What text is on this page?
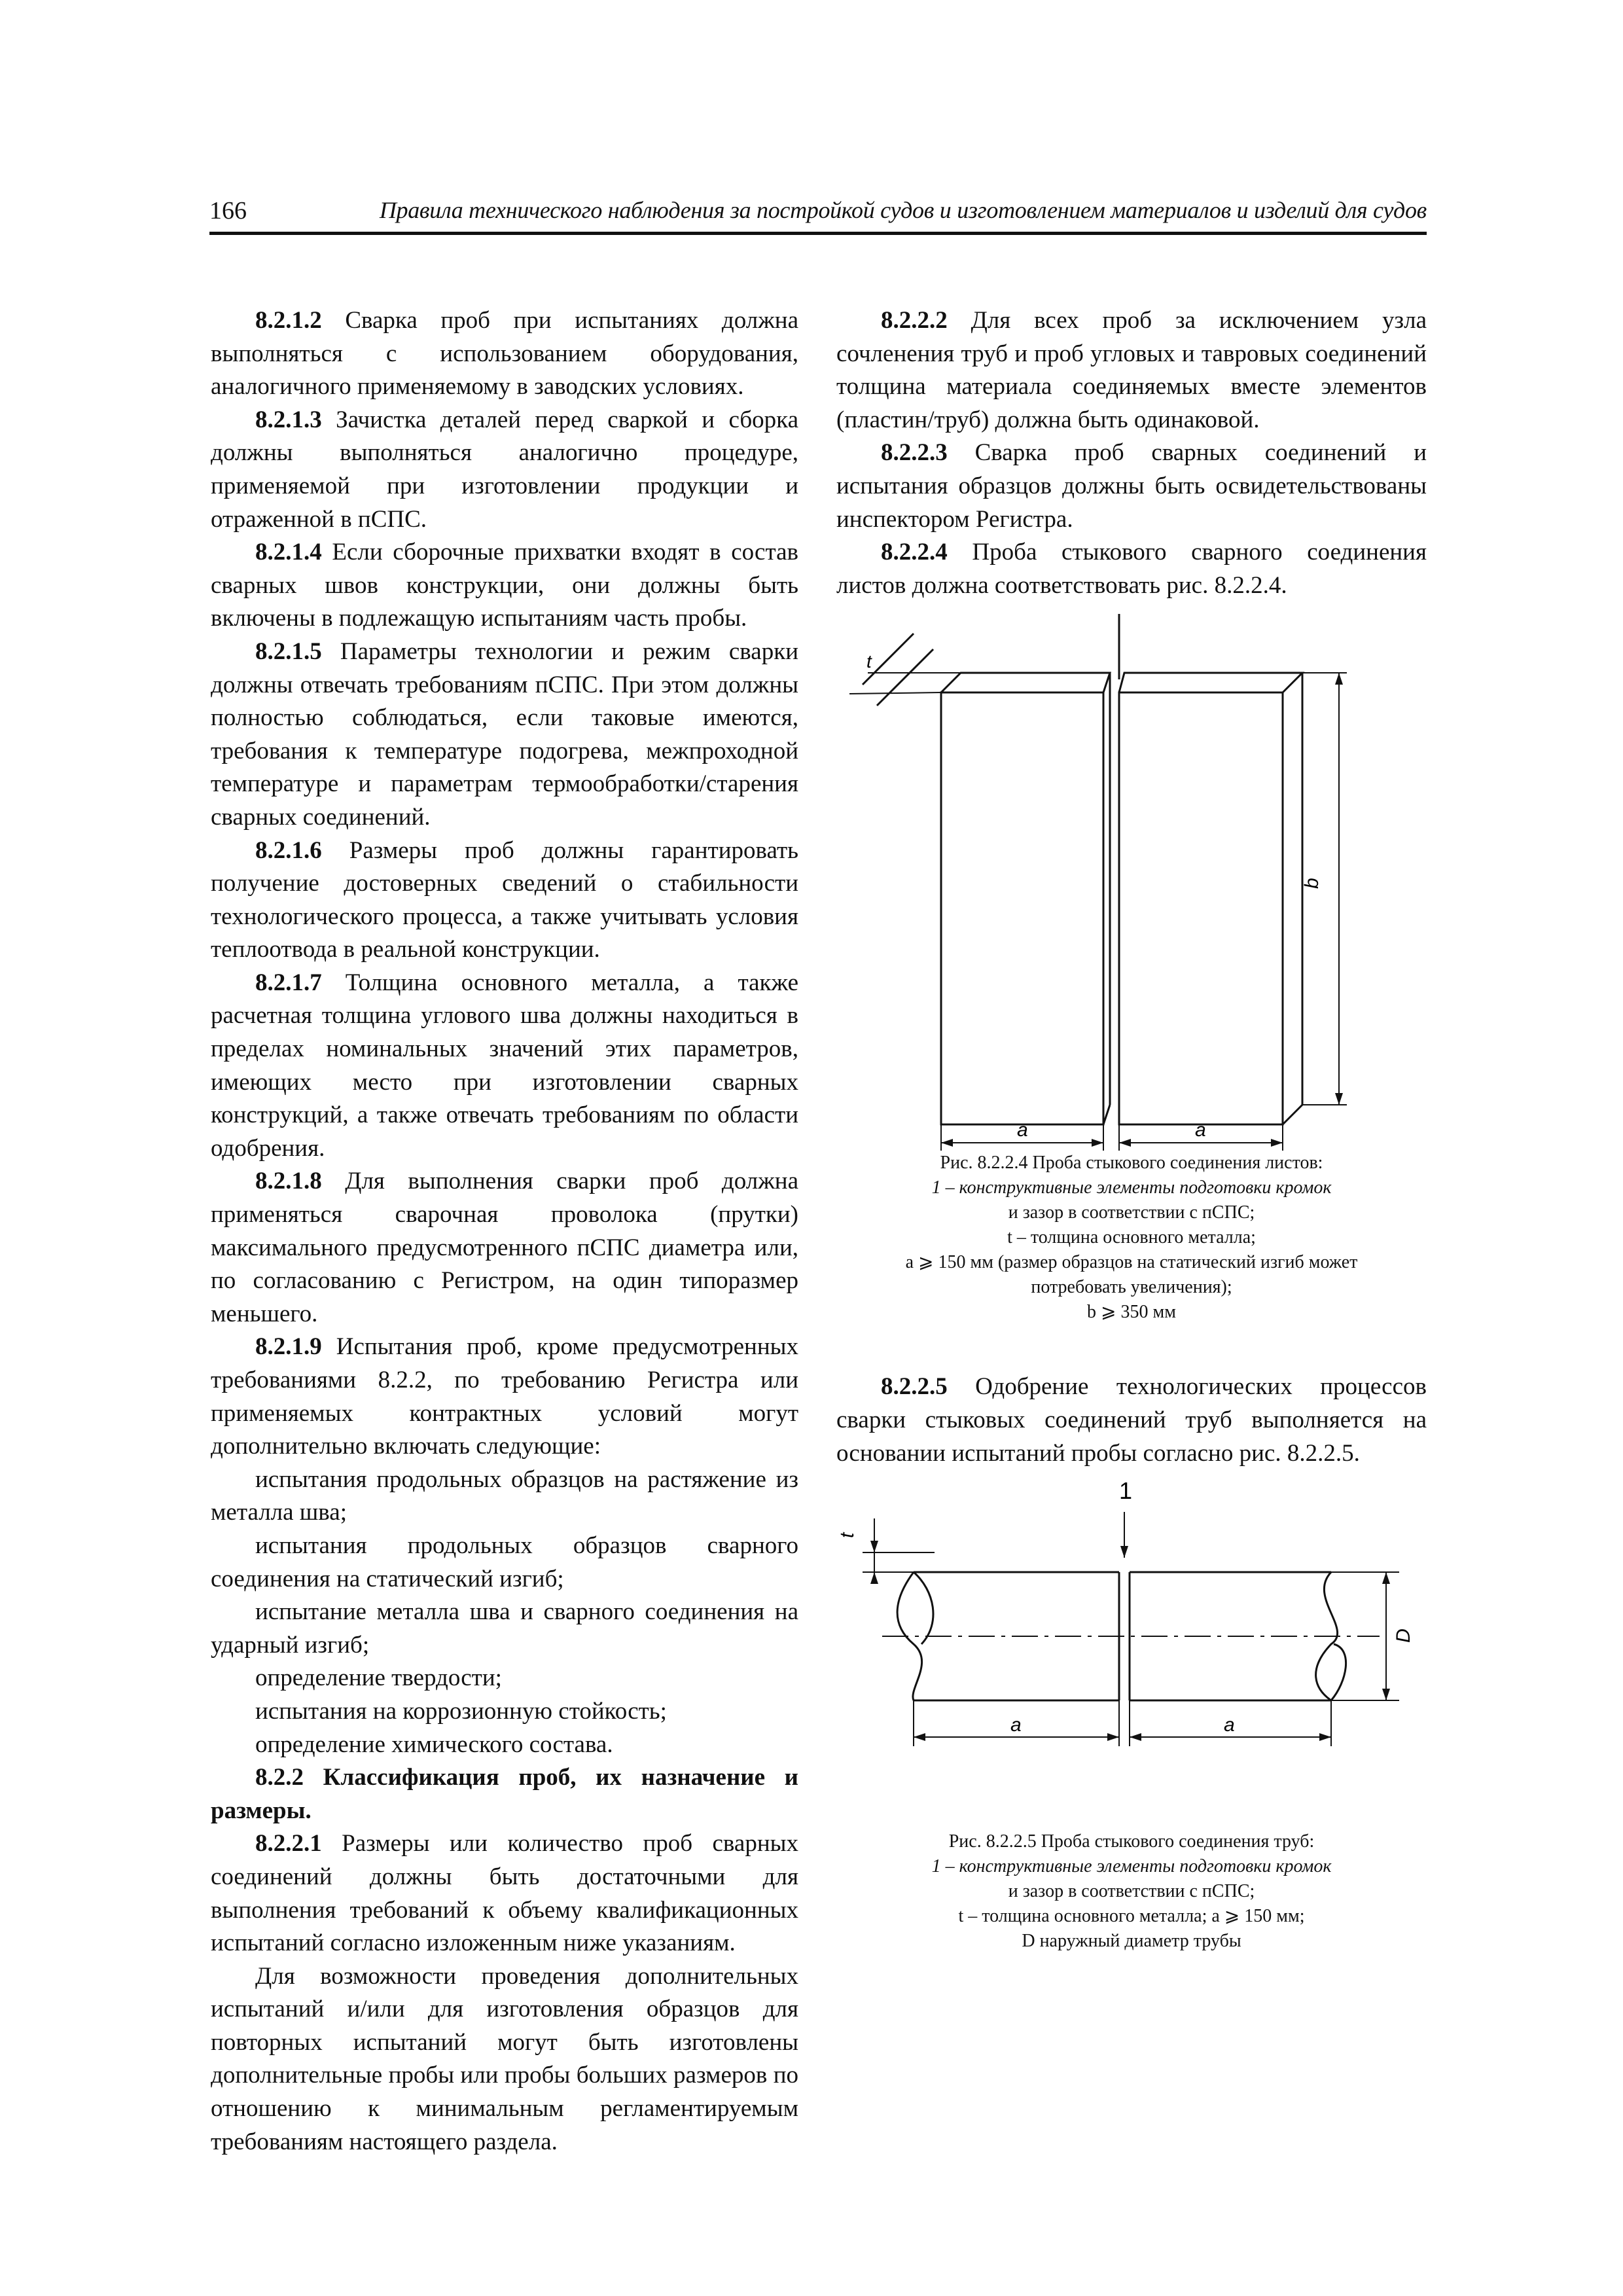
166	Правила технического наблюдения за постройкой судов и изготовлением материалов и изделий для судов

8.2.1.2 Сварка проб при испытаниях должна выполняться с использованием оборудования, аналогичного применяемому в заводских условиях.

8.2.1.3 Зачистка деталей перед сваркой и сборка должны выполняться аналогично процедуре, применяемой при изготовлении продукции и отраженной в пСПС.

8.2.1.4 Если сборочные прихватки входят в состав сварных швов конструкции, они должны быть включены в подлежащую испытаниям часть пробы.

8.2.1.5 Параметры технологии и режим сварки должны отвечать требованиям пСПС. При этом должны полностью соблюдаться, если таковые имеются, требования к температуре подогрева, межпроходной температуре и параметрам термообработки/старения сварных соединений.

8.2.1.6 Размеры проб должны гарантировать получение достоверных сведений о стабильности технологического процесса, а также учитывать условия теплоотвода в реальной конструкции.

8.2.1.7 Толщина основного металла, а также расчетная толщина углового шва должны находиться в пределах номинальных значений этих параметров, имеющих место при изготовлении сварных конструкций, а также отвечать требованиям по области одобрения.

8.2.1.8 Для выполнения сварки проб должна применяться сварочная проволока (прутки) максимального предусмотренного пСПС диаметра или, по согласованию с Регистром, на один типоразмер меньшего.

8.2.1.9 Испытания проб, кроме предусмотренных требованиями 8.2.2, по требованию Регистра или применяемых контрактных условий могут дополнительно включать следующие:

испытания продольных образцов на растяжение из металла шва;

испытания продольных образцов сварного соединения на статический изгиб;

испытание металла шва и сварного соединения на ударный изгиб;

определение твердости;

испытания на коррозионную стойкость;

определение химического состава.

8.2.2 Классификация проб, их назначение и размеры.

8.2.2.1 Размеры или количество проб сварных соединений должны быть достаточными для выполнения требований к объему квалификационных испытаний согласно изложенным ниже указаниям.

Для возможности проведения дополнительных испытаний и/или для изготовления образцов для повторных испытаний могут быть изготовлены дополнительные пробы или пробы больших размеров по отношению к минимальным регламентируемым требованиям настоящего раздела.

8.2.2.2 Для всех проб за исключением узла сочленения труб и проб угловых и тавровых соединений толщина материала соединяемых вместе элементов (пластин/труб) должна быть одинаковой.

8.2.2.3 Сварка проб сварных соединений и испытания образцов должны быть освидетельствованы инспектором Регистра.

8.2.2.4 Проба стыкового сварного соединения листов должна соответствовать рис. 8.2.2.4.

t
b
a	a
Рис. 8.2.2.4 Проба стыкового соединения листов:
1 – конструктивные элементы подготовки кромок
и зазор в соответствии с пСПС;
t – толщина основного металла;
a ⩾ 150 мм (размер образцов на статический изгиб может
потребовать увеличения);
b ⩾ 350 мм

8.2.2.5 Одобрение технологических процессов сварки стыковых соединений труб выполняется на основании испытаний пробы согласно рис. 8.2.2.5.

1
t
D
a	a
Рис. 8.2.2.5 Проба стыкового соединения труб:
1 – конструктивные элементы подготовки кромок
и зазор в соответствии с пСПС;
t – толщина основного металла; a ⩾ 150 мм;
D наружный диаметр трубы
